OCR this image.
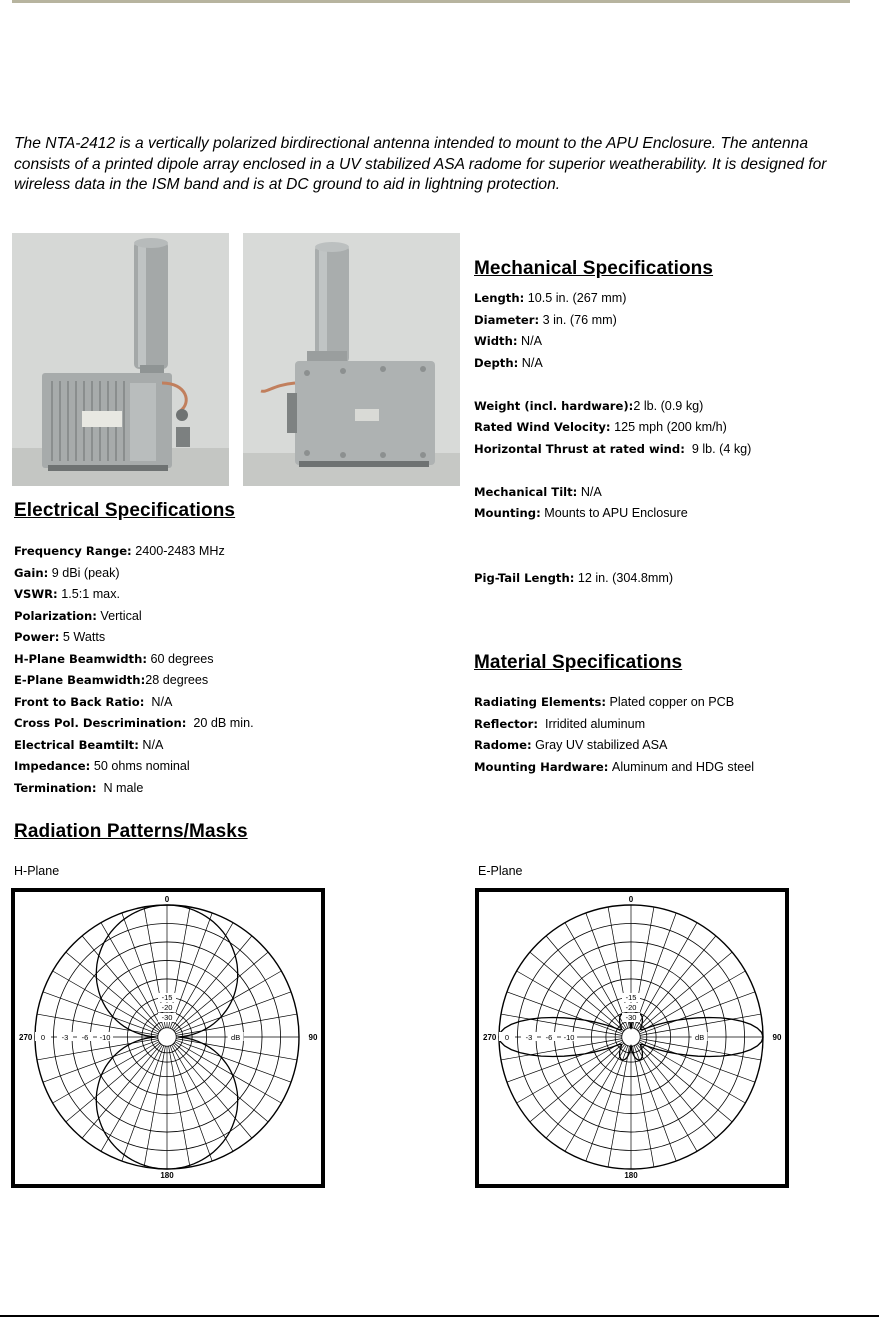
The NTA-2412 is a vertically polarized birdirectional antenna intended to mount to the APU Enclosure. The antenna consists of a printed dipole array enclosed in a UV stabilized ASA radome for superior weatherability. It is designed for wireless data in the ISM band and is at DC ground to aid in lightning protection.

Mechanical Specifications
Length: 10.5 in. (267 mm)
Diameter: 3 in. (76 mm)
Width: N/A
Depth: N/A
Weight (incl. hardware):2 lb. (0.9 kg)
Rated Wind Velocity: 125 mph (200 km/h)
Horizontal Thrust at rated wind: 9 lb. (4 kg)
Mechanical Tilt: N/A
Mounting: Mounts to APU Enclosure
Pig-Tail Length: 12 in. (304.8mm)
Electrical Specifications
Frequency Range: 2400-2483 MHz
Gain: 9 dBi (peak)
VSWR: 1.5:1 max.
Polarization: Vertical
Power: 5 Watts
H-Plane Beamwidth: 60 degrees
E-Plane Beamwidth:28 degrees
Front to Back Ratio: N/A
Cross Pol. Descrimination: 20 dB min.
Electrical Beamtilt: N/A
Impedance: 50 ohms nominal
Termination: N male
Material Specifications
Radiating Elements: Plated copper on PCB
Reflector: Irridited aluminum
Radome: Gray UV stabilized ASA
Mounting Hardware: Aluminum and HDG steel
Radiation Patterns/Masks
H-Plane	E-Plane
0
90
180
270 0 -3 -6 -10
-15
-20
-30
dB
0
90
180
270 0 -3 -6 -10
-15
-20
-30
dB
